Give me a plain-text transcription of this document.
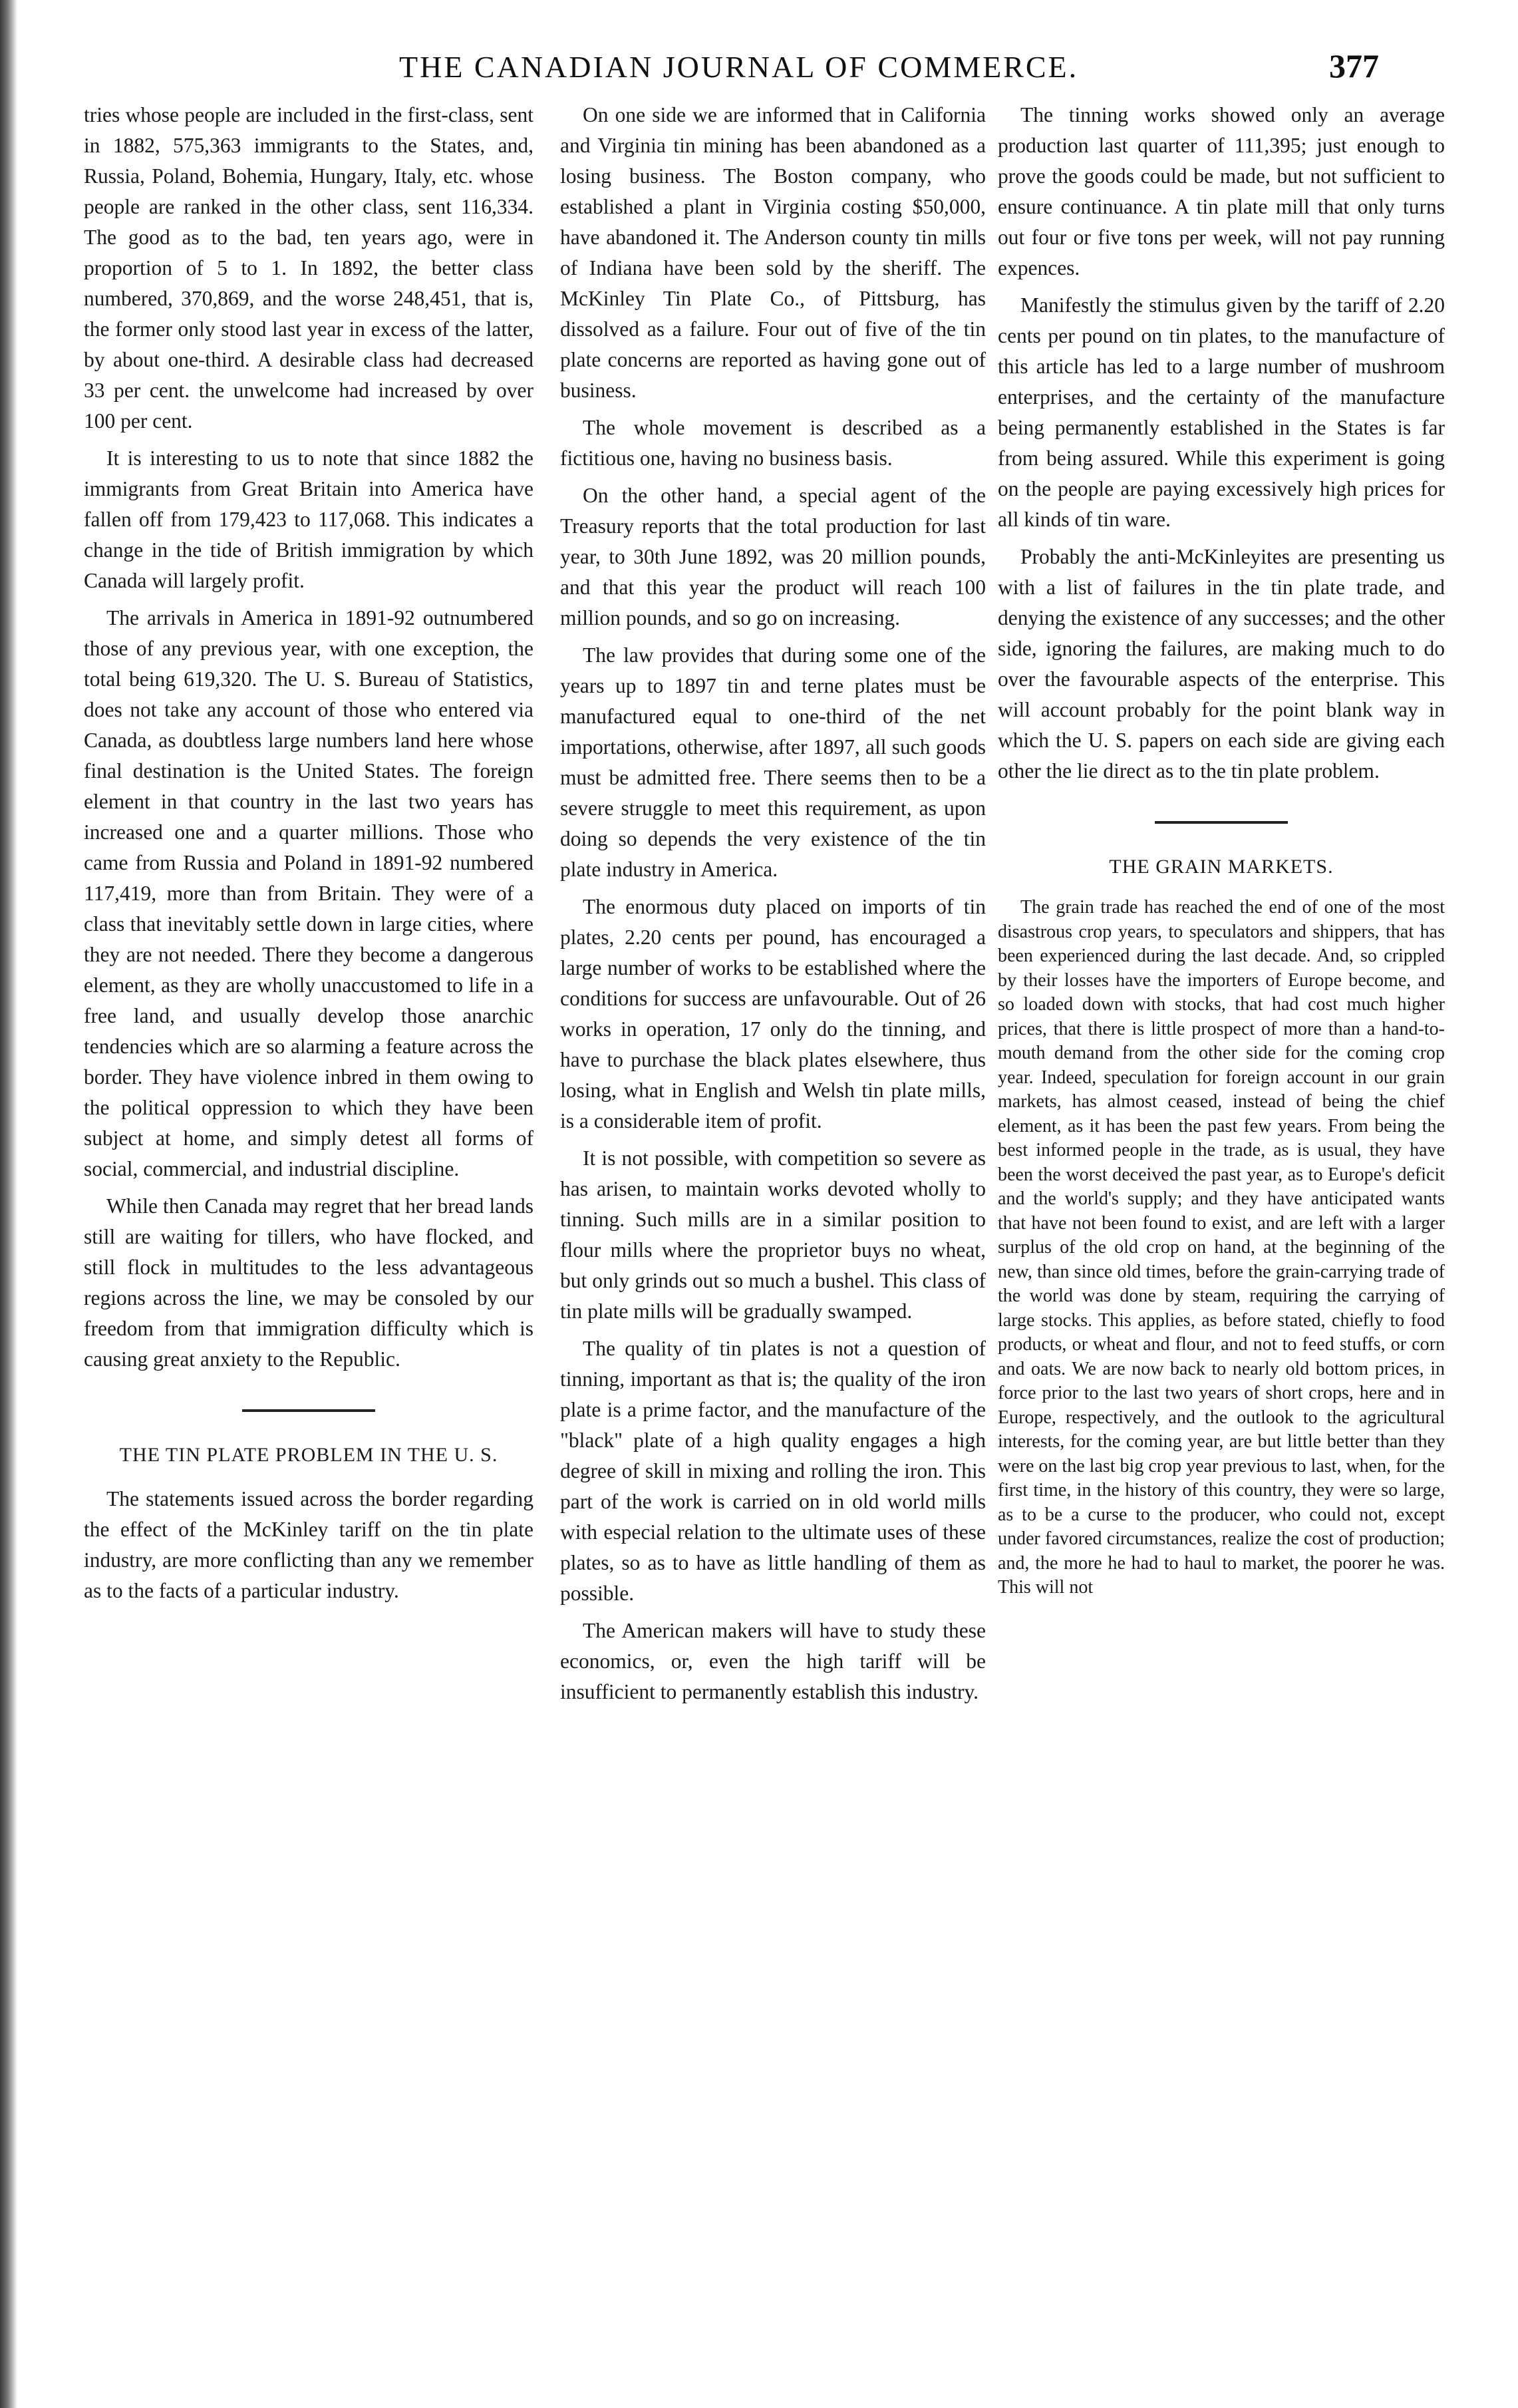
THE CANADIAN JOURNAL OF COMMERCE.	377

tries whose people are included in the first-class, sent in 1882, 575,363 immigrants to the States, and, Russia, Poland, Bohemia, Hungary, Italy, etc. whose people are ranked in the other class, sent 116,334. The good as to the bad, ten years ago, were in proportion of 5 to 1. In 1892, the better class numbered, 370,869, and the worse 248,451, that is, the former only stood last year in excess of the latter, by about one-third. A desirable class had decreased 33 per cent. the unwelcome had increased by over 100 per cent.

It is interesting to us to note that since 1882 the immigrants from Great Britain into America have fallen off from 179,423 to 117,068. This indicates a change in the tide of British immigration by which Canada will largely profit.

The arrivals in America in 1891-92 outnumbered those of any previous year, with one exception, the total being 619,320. The U. S. Bureau of Statistics, does not take any account of those who entered via Canada, as doubtless large numbers land here whose final destination is the United States. The foreign element in that country in the last two years has increased one and a quarter millions. Those who came from Russia and Poland in 1891-92 numbered 117,419, more than from Britain. They were of a class that inevitably settle down in large cities, where they are not needed. There they become a dangerous element, as they are wholly unaccustomed to life in a free land, and usually develop those anarchic tendencies which are so alarming a feature across the border. They have violence inbred in them owing to the political oppression to which they have been subject at home, and simply detest all forms of social, commercial, and industrial discipline.

While then Canada may regret that her bread lands still are waiting for tillers, who have flocked, and still flock in multitudes to the less advantageous regions across the line, we may be consoled by our freedom from that immigration difficulty which is causing great anxiety to the Republic.

THE TIN PLATE PROBLEM IN THE U. S.

The statements issued across the border regarding the effect of the McKinley tariff on the tin plate industry, are more conflicting than any we remember as to the facts of a particular industry.

On one side we are informed that in California and Virginia tin mining has been abandoned as a losing business. The Boston company, who established a plant in Virginia costing $50,000, have abandoned it. The Anderson county tin mills of Indiana have been sold by the sheriff. The McKinley Tin Plate Co., of Pittsburg, has dissolved as a failure. Four out of five of the tin plate concerns are reported as having gone out of business.

The whole movement is described as a fictitious one, having no business basis.

On the other hand, a special agent of the Treasury reports that the total production for last year, to 30th June 1892, was 20 million pounds, and that this year the product will reach 100 million pounds, and so go on increasing.

The law provides that during some one of the years up to 1897 tin and terne plates must be manufactured equal to one-third of the net importations, otherwise, after 1897, all such goods must be admitted free. There seems then to be a severe struggle to meet this requirement, as upon doing so depends the very existence of the tin plate industry in America.

The enormous duty placed on imports of tin plates, 2.20 cents per pound, has encouraged a large number of works to be established where the conditions for success are unfavourable. Out of 26 works in operation, 17 only do the tinning, and have to purchase the black plates elsewhere, thus losing, what in English and Welsh tin plate mills, is a considerable item of profit.

It is not possible, with competition so severe as has arisen, to maintain works devoted wholly to tinning. Such mills are in a similar position to flour mills where the proprietor buys no wheat, but only grinds out so much a bushel. This class of tin plate mills will be gradually swamped.

The quality of tin plates is not a question of tinning, important as that is; the quality of the iron plate is a prime factor, and the manufacture of the "black" plate of a high quality engages a high degree of skill in mixing and rolling the iron. This part of the work is carried on in old world mills with especial relation to the ultimate uses of these plates, so as to have as little handling of them as possible.

The American makers will have to study these economics, or, even the high tariff will be insufficient to permanently establish this industry.

The tinning works showed only an average production last quarter of 111,395; just enough to prove the goods could be made, but not sufficient to ensure continuance. A tin plate mill that only turns out four or five tons per week, will not pay running expences.

Manifestly the stimulus given by the tariff of 2.20 cents per pound on tin plates, to the manufacture of this article has led to a large number of mushroom enterprises, and the certainty of the manufacture being permanently established in the States is far from being assured. While this experiment is going on the people are paying excessively high prices for all kinds of tin ware.

Probably the anti-McKinleyites are presenting us with a list of failures in the tin plate trade, and denying the existence of any successes; and the other side, ignoring the failures, are making much to do over the favourable aspects of the enterprise. This will account probably for the point blank way in which the U. S. papers on each side are giving each other the lie direct as to the tin plate problem.

THE GRAIN MARKETS.

The grain trade has reached the end of one of the most disastrous crop years, to speculators and shippers, that has been experienced during the last decade. And, so crippled by their losses have the importers of Europe become, and so loaded down with stocks, that had cost much higher prices, that there is little prospect of more than a hand-to-mouth demand from the other side for the coming crop year. Indeed, speculation for foreign account in our grain markets, has almost ceased, instead of being the chief element, as it has been the past few years. From being the best informed people in the trade, as is usual, they have been the worst deceived the past year, as to Europe's deficit and the world's supply; and they have anticipated wants that have not been found to exist, and are left with a larger surplus of the old crop on hand, at the beginning of the new, than since old times, before the grain-carrying trade of the world was done by steam, requiring the carrying of large stocks. This applies, as before stated, chiefly to food products, or wheat and flour, and not to feed stuffs, or corn and oats. We are now back to nearly old bottom prices, in force prior to the last two years of short crops, here and in Europe, respectively, and the outlook to the agricultural interests, for the coming year, are but little better than they were on the last big crop year previous to last, when, for the first time, in the history of this country, they were so large, as to be a curse to the producer, who could not, except under favored circumstances, realize the cost of production; and, the more he had to haul to market, the poorer he was. This will not
